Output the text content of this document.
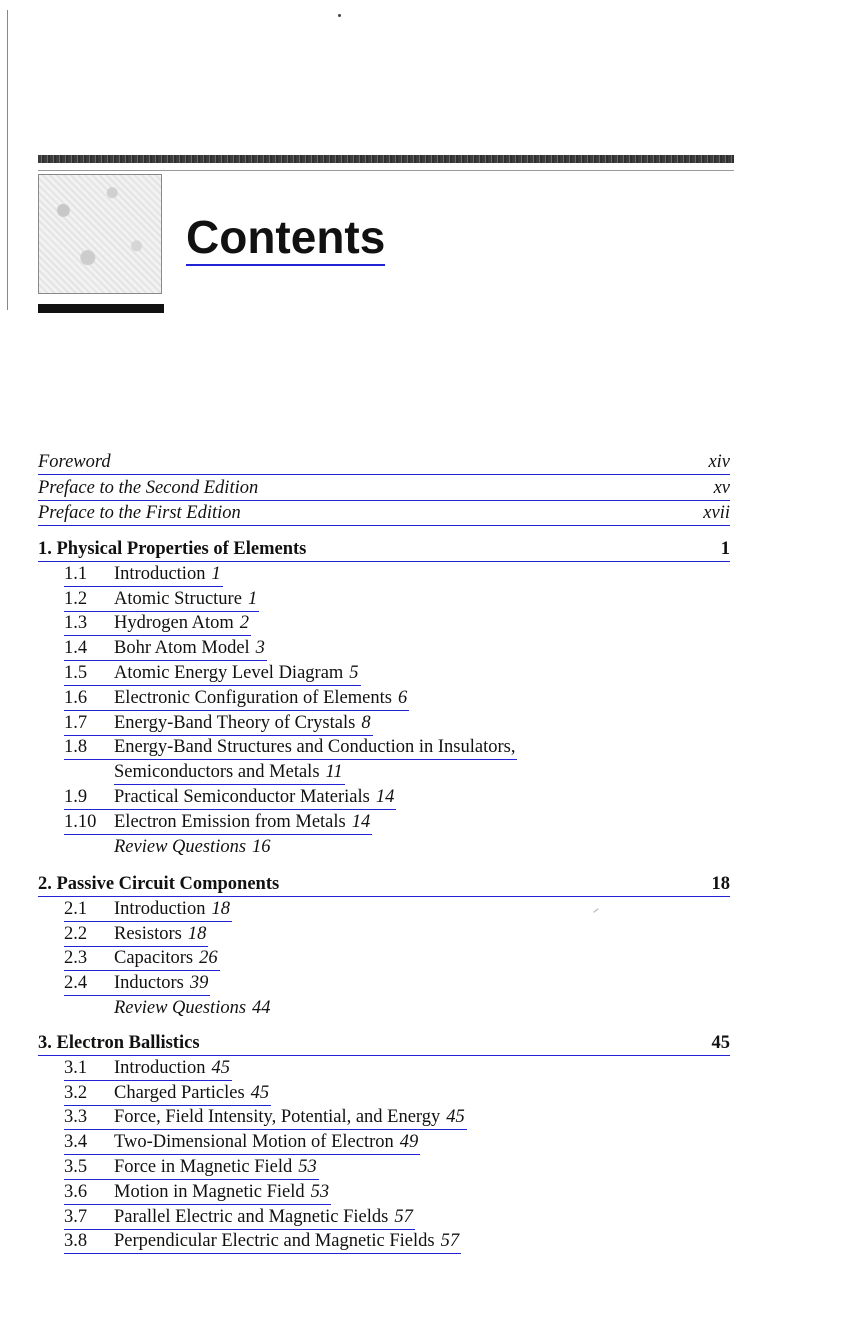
Contents
Foreword	xiv
Preface to the Second Edition	xv
Preface to the First Edition	xvii
1. Physical Properties of Elements	1
1.1 Introduction 1
1.2 Atomic Structure 1
1.3 Hydrogen Atom 2
1.4 Bohr Atom Model 3
1.5 Atomic Energy Level Diagram 5
1.6 Electronic Configuration of Elements 6
1.7 Energy-Band Theory of Crystals 8
1.8 Energy-Band Structures and Conduction in Insulators,
Semiconductors and Metals 11
1.9 Practical Semiconductor Materials 14
1.10 Electron Emission from Metals 14
Review Questions 16
2. Passive Circuit Components	18
2.1 Introduction 18
2.2 Resistors 18
2.3 Capacitors 26
2.4 Inductors 39
Review Questions 44
3. Electron Ballistics	45
3.1 Introduction 45
3.2 Charged Particles 45
3.3 Force, Field Intensity, Potential, and Energy 45
3.4 Two-Dimensional Motion of Electron 49
3.5 Force in Magnetic Field 53
3.6 Motion in Magnetic Field 53
3.7 Parallel Electric and Magnetic Fields 57
3.8 Perpendicular Electric and Magnetic Fields 57
